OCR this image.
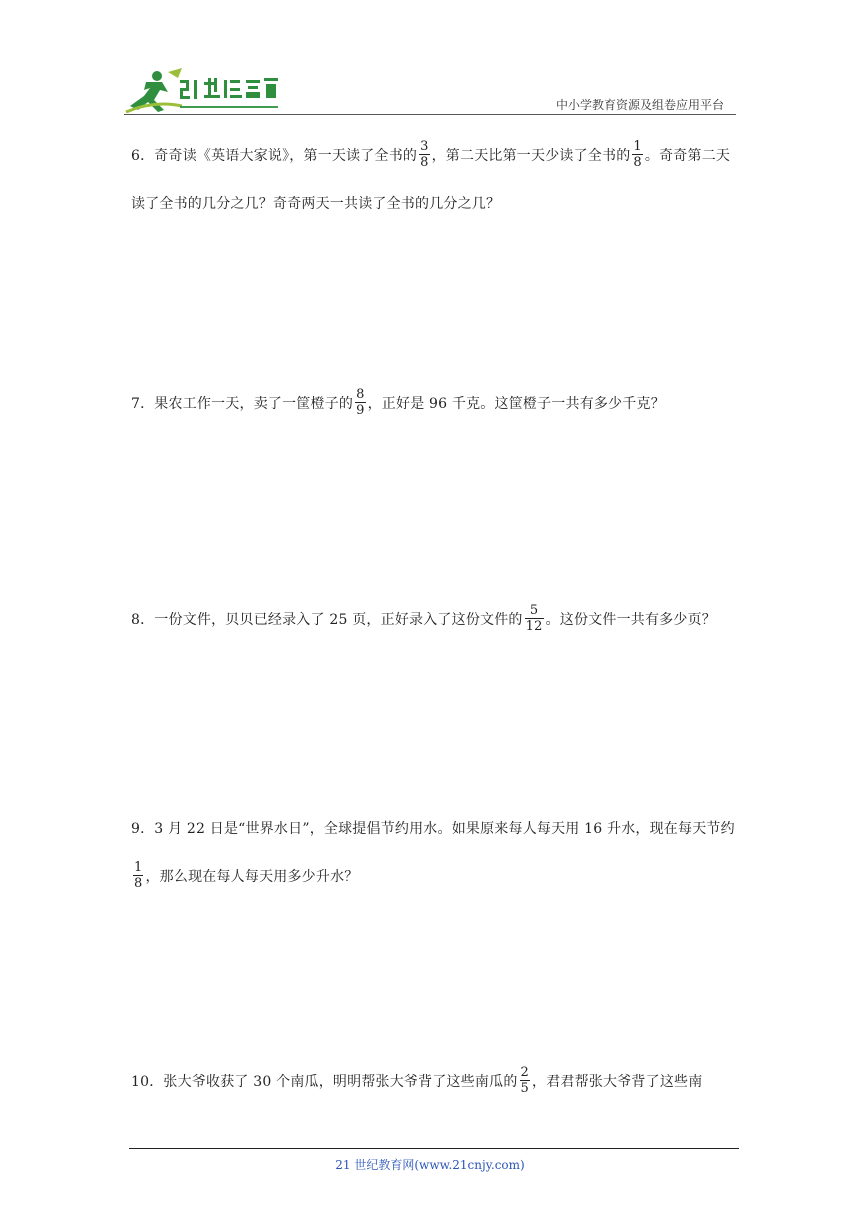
中小学教育资源及组卷应用平台
6．奇奇读《英语大家说》，第一天读了全书的 $\frac{3}{8}$ ，第二天比第一天少读了全书的 $\frac{1}{8}$ 。奇奇第二天读了全书的几分之几？奇奇两天一共读了全书的几分之几？
7．果农工作一天，卖了一筐橙子的 $\frac{8}{9}$ ，正好是 96 千克。这筐橙子一共有多少千克？
8．一份文件，贝贝已经录入了 25 页，正好录入了这份文件的 $\frac{5}{12}$ 。这份文件一共有多少页？
9．3 月 22 日是“世界水日”，全球提倡节约用水。如果原来每人每天用 16 升水，现在每天节约
$\frac{1}{8}$ ，那么现在每人每天用多少升水？
10．张大爷收获了 30 个南瓜，明明帮张大爷背了这些南瓜的 $\frac{2}{5}$ ，君君帮张大爷背了这些南
21 世纪教育网(www.21cnjy.com)
